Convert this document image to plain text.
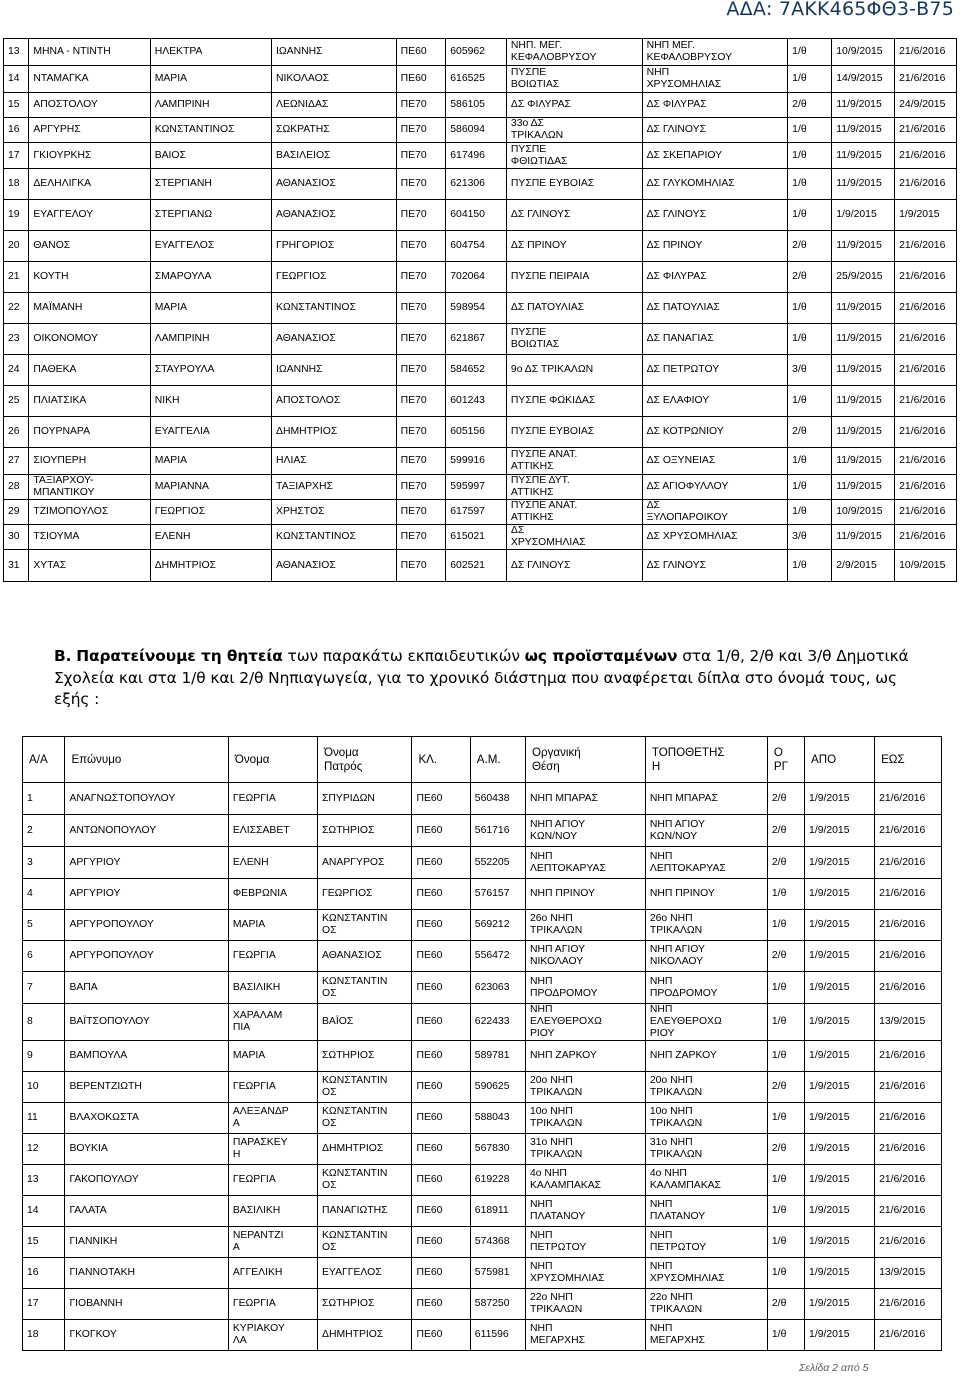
ΑΔΑ: 7ΑΚΚ465ΦΘ3-Β75
13	ΜΗΝΑ - ΝΤΙΝΤΗ	ΗΛΕΚΤΡΑ	ΙΩΑΝΝΗΣ	ΠΕ60	605962	ΝΗΠ. ΜΕΓ.
ΚΕΦΑΛΟΒΡΥΣΟΥ	ΝΗΠ ΜΕΓ.
ΚΕΦΑΛΟΒΡΥΣΟΥ	1/θ	10/9/2015	21/6/2016
14	ΝΤΑΜΑΓΚΑ	ΜΑΡΙΑ	ΝΙΚΟΛΑΟΣ	ΠΕ60	616525	ΠΥΣΠΕ
ΒΟΙΩΤΙΑΣ	ΝΗΠ
ΧΡΥΣΟΜΗΛΙΑΣ	1/θ	14/9/2015	21/6/2016
15	ΑΠΟΣΤΟΛΟΥ	ΛΑΜΠΡΙΝΗ	ΛΕΩΝΙΔΑΣ	ΠΕ70	586105	ΔΣ ΦΙΛΥΡΑΣ	ΔΣ ΦΙΛΥΡΑΣ	2/θ	11/9/2015	24/9/2015
16	ΑΡΓΥΡΗΣ	ΚΩΝΣΤΑΝΤΙΝΟΣ	ΣΩΚΡΑΤΗΣ	ΠΕ70	586094	33ο ΔΣ
ΤΡΙΚΑΛΩΝ	ΔΣ ΓΛΙΝΟΥΣ	1/θ	11/9/2015	21/6/2016
17	ΓΚΙΟΥΡΚΗΣ	ΒΑΙΟΣ	ΒΑΣΙΛΕΙΟΣ	ΠΕ70	617496	ΠΥΣΠΕ
ΦΘΙΩΤΙΔΑΣ	ΔΣ ΣΚΕΠΑΡΙΟΥ	1/θ	11/9/2015	21/6/2016
18	ΔΕΛΗΛΙΓΚΑ	ΣΤΕΡΓΙΑΝΗ	ΑΘΑΝΑΣΙΟΣ	ΠΕ70	621306	ΠΥΣΠΕ ΕΥΒΟΙΑΣ	ΔΣ ΓΛΥΚΟΜΗΛΙΑΣ	1/θ	11/9/2015	21/6/2016
19	ΕΥΑΓΓΕΛΟΥ	ΣΤΕΡΓΙΑΝΩ	ΑΘΑΝΑΣΙΟΣ	ΠΕ70	604150	ΔΣ ΓΛΙΝΟΥΣ	ΔΣ ΓΛΙΝΟΥΣ	1/θ	1/9/2015	1/9/2015
20	ΘΑΝΟΣ	ΕΥΑΓΓΕΛΟΣ	ΓΡΗΓΟΡΙΟΣ	ΠΕ70	604754	ΔΣ ΠΡΙΝΟΥ	ΔΣ ΠΡΙΝΟΥ	2/θ	11/9/2015	21/6/2016
21	ΚΟΥΤΗ	ΣΜΑΡΟΥΛΑ	ΓΕΩΡΓΙΟΣ	ΠΕ70	702064	ΠΥΣΠΕ ΠΕΙΡΑΙΑ	ΔΣ ΦΙΛΥΡΑΣ	2/θ	25/9/2015	21/6/2016
22	ΜΑΪΜΑΝΗ	ΜΑΡΙΑ	ΚΩΝΣΤΑΝΤΙΝΟΣ	ΠΕ70	598954	ΔΣ ΠΑΤΟΥΛΙΑΣ	ΔΣ ΠΑΤΟΥΛΙΑΣ	1/θ	11/9/2015	21/6/2016
23	ΟΙΚΟΝΟΜΟΥ	ΛΑΜΠΡΙΝΗ	ΑΘΑΝΑΣΙΟΣ	ΠΕ70	621867	ΠΥΣΠΕ
ΒΟΙΩΤΙΑΣ	ΔΣ ΠΑΝΑΓΙΑΣ	1/θ	11/9/2015	21/6/2016
24	ΠΑΘΕΚΑ	ΣΤΑΥΡΟΥΛΑ	ΙΩΑΝΝΗΣ	ΠΕ70	584652	9ο ΔΣ ΤΡΙΚΑΛΩΝ	ΔΣ ΠΕΤΡΩΤΟΥ	3/θ	11/9/2015	21/6/2016
25	ΠΛΙΑΤΣΙΚΑ	ΝΙΚΗ	ΑΠΟΣΤΟΛΟΣ	ΠΕ70	601243	ΠΥΣΠΕ ΦΩΚΙΔΑΣ	ΔΣ ΕΛΑΦΙΟΥ	1/θ	11/9/2015	21/6/2016
26	ΠΟΥΡΝΑΡΑ	ΕΥΑΓΓΕΛΙΑ	ΔΗΜΗΤΡΙΟΣ	ΠΕ70	605156	ΠΥΣΠΕ ΕΥΒΟΙΑΣ	ΔΣ ΚΟΤΡΩΝΙΟΥ	2/θ	11/9/2015	21/6/2016
27	ΣΙΟΥΠΕΡΗ	ΜΑΡΙΑ	ΗΛΙΑΣ	ΠΕ70	599916	ΠΥΣΠΕ ΑΝΑΤ.
ΑΤΤΙΚΗΣ	ΔΣ ΟΞΥΝΕΙΑΣ	1/θ	11/9/2015	21/6/2016
28	ΤΑΞΙΑΡΧΟΥ-
ΜΠΑΝΤΙΚΟΥ	ΜΑΡΙΑΝΝΑ	ΤΑΞΙΑΡΧΗΣ	ΠΕ70	595997	ΠΥΣΠΕ ΔΥΤ.
ΑΤΤΙΚΗΣ	ΔΣ ΑΓΙΟΦΥΛΛΟΥ	1/θ	11/9/2015	21/6/2016
29	ΤΖΙΜΟΠΟΥΛΟΣ	ΓΕΩΡΓΙΟΣ	ΧΡΗΣΤΟΣ	ΠΕ70	617597	ΠΥΣΠΕ ΑΝΑΤ.
ΑΤΤΙΚΗΣ	ΔΣ
ΞΥΛΟΠΑΡΟΙΚΟΥ	1/θ	10/9/2015	21/6/2016
30	ΤΣΙΟΥΜΑ	ΕΛΕΝΗ	ΚΩΝΣΤΑΝΤΙΝΟΣ	ΠΕ70	615021	ΔΣ
ΧΡΥΣΟΜΗΛΙΑΣ	ΔΣ ΧΡΥΣΟΜΗΛΙΑΣ	3/θ	11/9/2015	21/6/2016
31	ΧΥΤΑΣ	ΔΗΜΗΤΡΙΟΣ	ΑΘΑΝΑΣΙΟΣ	ΠΕ70	602521	ΔΣ ΓΛΙΝΟΥΣ	ΔΣ ΓΛΙΝΟΥΣ	1/θ	2/9/2015	10/9/2015
Β. Παρατείνουμε τη θητεία των παρακάτω εκπαιδευτικών ως προϊσταμένων στα 1/θ, 2/θ και 3/θ Δημοτικά Σχολεία και στα 1/θ και 2/θ Νηπιαγωγεία, για το χρονικό διάστημα που αναφέρεται δίπλα στο όνομά τους, ως εξής :
Α/Α	Επώνυμο	Όνομα	Όνομα
Πατρός	ΚΛ.	Α.Μ.	Οργανική
Θέση	ΤΟΠΟΘΕΤΗΣ
Η	Ο
ΡΓ	ΑΠΟ	ΕΩΣ
1	ΑΝΑΓΝΩΣΤΟΠΟΥΛΟΥ	ΓΕΩΡΓΙΑ	ΣΠΥΡΙΔΩΝ	ΠΕ60	560438	ΝΗΠ ΜΠΑΡΑΣ	ΝΗΠ ΜΠΑΡΑΣ	2/θ	1/9/2015	21/6/2016
2	ΑΝΤΩΝΟΠΟΥΛΟΥ	ΕΛΙΣΣΑΒΕΤ	ΣΩΤΗΡΙΟΣ	ΠΕ60	561716	ΝΗΠ ΑΓΙΟΥ
ΚΩΝ/ΝΟΥ	ΝΗΠ ΑΓΙΟΥ
ΚΩΝ/ΝΟΥ	2/θ	1/9/2015	21/6/2016
3	ΑΡΓΥΡΙΟΥ	ΕΛΕΝΗ	ΑΝΑΡΓΥΡΟΣ	ΠΕ60	552205	ΝΗΠ
ΛΕΠΤΟΚΑΡΥΑΣ	ΝΗΠ
ΛΕΠΤΟΚΑΡΥΑΣ	2/θ	1/9/2015	21/6/2016
4	ΑΡΓΥΡΙΟΥ	ΦΕΒΡΩΝΙΑ	ΓΕΩΡΓΙΟΣ	ΠΕ60	576157	ΝΗΠ ΠΡΙΝΟΥ	ΝΗΠ ΠΡΙΝΟΥ	1/θ	1/9/2015	21/6/2016
5	ΑΡΓΥΡΟΠΟΥΛΟΥ	ΜΑΡΙΑ	ΚΩΝΣΤΑΝΤΙΝ
ΟΣ	ΠΕ60	569212	26ο ΝΗΠ
ΤΡΙΚΑΛΩΝ	26ο ΝΗΠ
ΤΡΙΚΑΛΩΝ	1/θ	1/9/2015	21/6/2016
6	ΑΡΓΥΡΟΠΟΥΛΟΥ	ΓΕΩΡΓΙΑ	ΑΘΑΝΑΣΙΟΣ	ΠΕ60	556472	ΝΗΠ ΑΓΙΟΥ
ΝΙΚΟΛΑΟΥ	ΝΗΠ ΑΓΙΟΥ
ΝΙΚΟΛΑΟΥ	2/θ	1/9/2015	21/6/2016
7	ΒΑΠΑ	ΒΑΣΙΛΙΚΗ	ΚΩΝΣΤΑΝΤΙΝ
ΟΣ	ΠΕ60	623063	ΝΗΠ
ΠΡΟΔΡΟΜΟΥ	ΝΗΠ
ΠΡΟΔΡΟΜΟΥ	1/θ	1/9/2015	21/6/2016
8	ΒΑΪΤΣΟΠΟΥΛΟΥ	ΧΑΡΑΛΑΜ
ΠΙΑ	ΒΑΪΟΣ	ΠΕ60	622433	ΝΗΠ
ΕΛΕΥΘΕΡΟΧΩ
ΡΙΟΥ	ΝΗΠ
ΕΛΕΥΘΕΡΟΧΩ
ΡΙΟΥ	1/θ	1/9/2015	13/9/2015
9	ΒΑΜΠΟΥΛΑ	ΜΑΡΙΑ	ΣΩΤΗΡΙΟΣ	ΠΕ60	589781	ΝΗΠ ΖΑΡΚΟΥ	ΝΗΠ ΖΑΡΚΟΥ	1/θ	1/9/2015	21/6/2016
10	ΒΕΡΕΝΤΖΙΩΤΗ	ΓΕΩΡΓΙΑ	ΚΩΝΣΤΑΝΤΙΝ
ΟΣ	ΠΕ60	590625	20ο ΝΗΠ
ΤΡΙΚΑΛΩΝ	20ο ΝΗΠ
ΤΡΙΚΑΛΩΝ	2/θ	1/9/2015	21/6/2016
11	ΒΛΑΧΟΚΩΣΤΑ	ΑΛΕΞΑΝΔΡ
Α	ΚΩΝΣΤΑΝΤΙΝ
ΟΣ	ΠΕ60	588043	10ο ΝΗΠ
ΤΡΙΚΑΛΩΝ	10ο ΝΗΠ
ΤΡΙΚΑΛΩΝ	1/θ	1/9/2015	21/6/2016
12	ΒΟΥΚΙΑ	ΠΑΡΑΣΚΕΥ
Η	ΔΗΜΗΤΡΙΟΣ	ΠΕ60	567830	31ο ΝΗΠ
ΤΡΙΚΑΛΩΝ	31ο ΝΗΠ
ΤΡΙΚΑΛΩΝ	2/θ	1/9/2015	21/6/2016
13	ΓΑΚΟΠΟΥΛΟΥ	ΓΕΩΡΓΙΑ	ΚΩΝΣΤΑΝΤΙΝ
ΟΣ	ΠΕ60	619228	4ο ΝΗΠ
ΚΑΛΑΜΠΑΚΑΣ	4ο ΝΗΠ
ΚΑΛΑΜΠΑΚΑΣ	1/θ	1/9/2015	21/6/2016
14	ΓΑΛΑΤΑ	ΒΑΣΙΛΙΚΗ	ΠΑΝΑΓΙΩΤΗΣ	ΠΕ60	618911	ΝΗΠ
ΠΛΑΤΑΝΟΥ	ΝΗΠ
ΠΛΑΤΑΝΟΥ	1/θ	1/9/2015	21/6/2016
15	ΓΙΑΝΝΙΚΗ	ΝΕΡΑΝΤΖΙ
Α	ΚΩΝΣΤΑΝΤΙΝ
ΟΣ	ΠΕ60	574368	ΝΗΠ
ΠΕΤΡΩΤΟΥ	ΝΗΠ
ΠΕΤΡΩΤΟΥ	1/θ	1/9/2015	21/6/2016
16	ΓΙΑΝΝΟΤΑΚΗ	ΑΓΓΕΛΙΚΗ	ΕΥΑΓΓΕΛΟΣ	ΠΕ60	575981	ΝΗΠ
ΧΡΥΣΟΜΗΛΙΑΣ	ΝΗΠ
ΧΡΥΣΟΜΗΛΙΑΣ	1/θ	1/9/2015	13/9/2015
17	ΓΙΟΒΑΝΝΗ	ΓΕΩΡΓΙΑ	ΣΩΤΗΡΙΟΣ	ΠΕ60	587250	22ο ΝΗΠ
ΤΡΙΚΑΛΩΝ	22ο ΝΗΠ
ΤΡΙΚΑΛΩΝ	2/θ	1/9/2015	21/6/2016
18	ΓΚΟΓΚΟΥ	ΚΥΡΙΑΚΟΥ
ΛΑ	ΔΗΜΗΤΡΙΟΣ	ΠΕ60	611596	ΝΗΠ
ΜΕΓΑΡΧΗΣ	ΝΗΠ
ΜΕΓΑΡΧΗΣ	1/θ	1/9/2015	21/6/2016
Σελίδα 2 από 5
